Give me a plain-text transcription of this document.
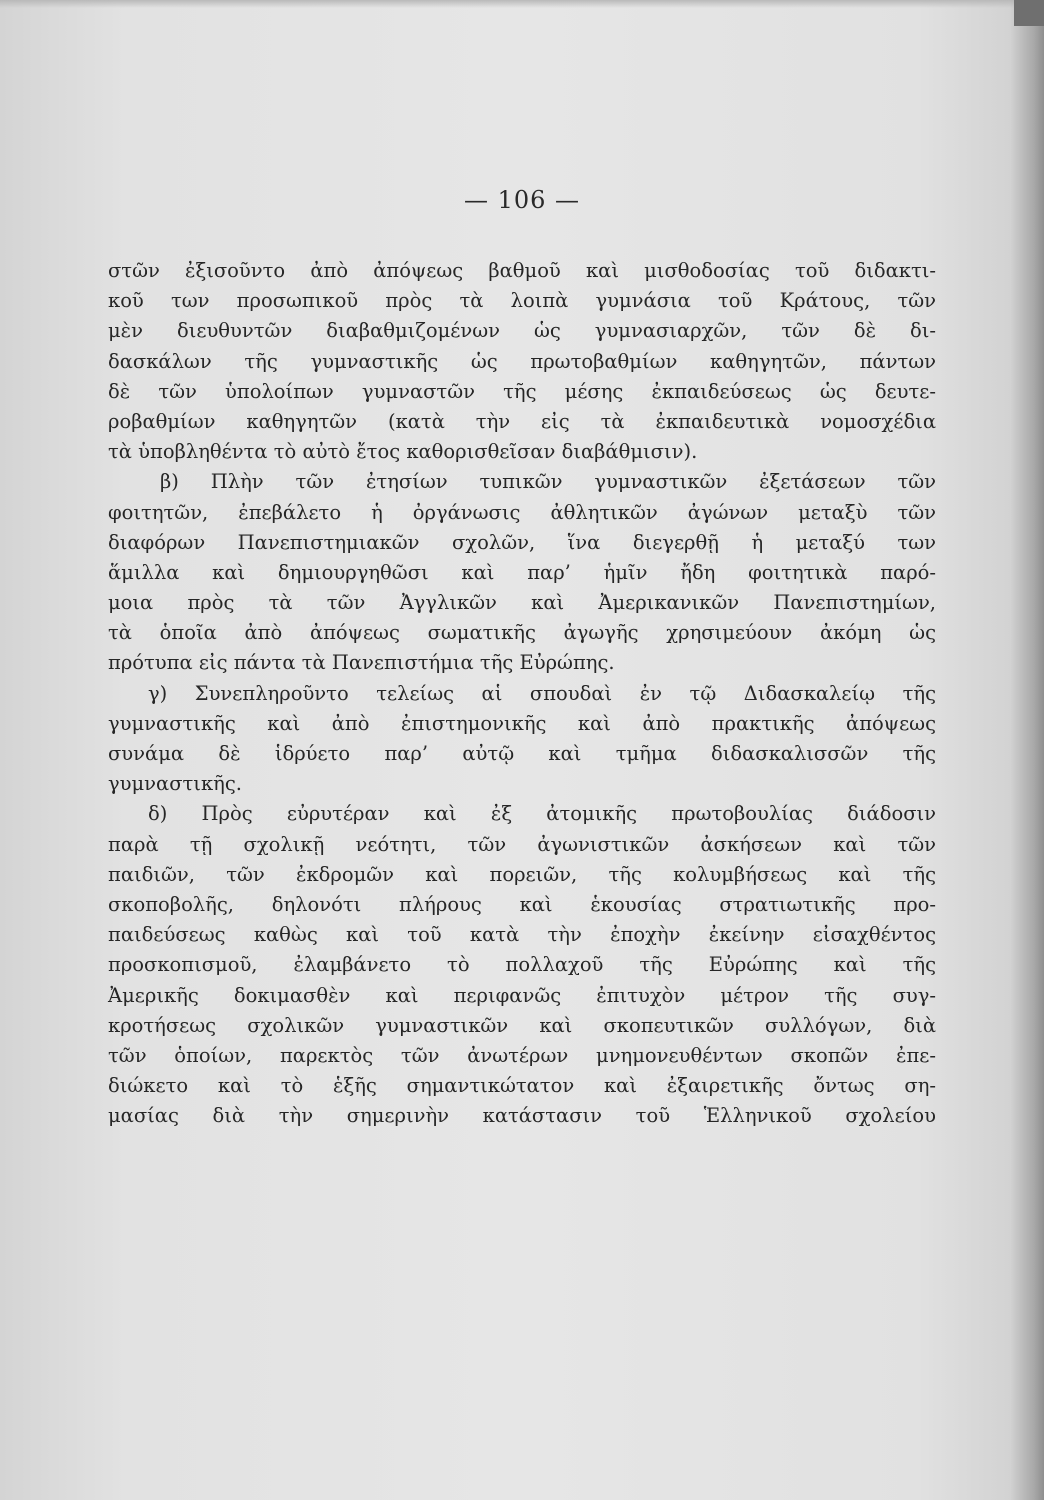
— 106 —
στῶν ἐξισοῦντο ἀπὸ ἀπόψεως βαθμοῦ καὶ μισθοδοσίας τοῦ διδακτι-
κοῦ των προσωπικοῦ πρὸς τὰ λοιπὰ γυμνάσια τοῦ Κράτους, τῶν
μὲν διευθυντῶν διαβαθμιζομένων ὡς γυμνασιαρχῶν, τῶν δὲ δι-
δασκάλων τῆς γυμναστικῆς ὡς πρωτοβαθμίων καθηγητῶν, πάντων
δὲ τῶν ὑπολοίπων γυμναστῶν τῆς μέσης ἐκπαιδεύσεως ὡς δευτε-
ροβαθμίων καθηγητῶν (κατὰ τὴν εἰς τὰ ἐκπαιδευτικὰ νομοσχέδια
τὰ ὑποβληθέντα τὸ αὐτὸ ἔτος καθορισθεῖσαν διαβάθμισιν).
β) Πλὴν τῶν ἐτησίων τυπικῶν γυμναστικῶν ἐξετάσεων τῶν
φοιτητῶν, ἐπεβάλετο ἡ ὀργάνωσις ἀθλητικῶν ἀγώνων μεταξὺ τῶν
διαφόρων Πανεπιστημιακῶν σχολῶν, ἵνα διεγερθῇ ἡ μεταξύ των
ἅμιλλα καὶ δημιουργηθῶσι καὶ παρ’ ἡμῖν ἤδη φοιτητικὰ παρό-
μοια πρὸς τὰ τῶν Ἀγγλικῶν καὶ Ἀμερικανικῶν Πανεπιστημίων,
τὰ ὁποῖα ἀπὸ ἀπόψεως σωματικῆς ἀγωγῆς χρησιμεύουν ἀκόμη ὡς
πρότυπα εἰς πάντα τὰ Πανεπιστήμια τῆς Εὐρώπης.
γ) Συνεπληροῦντο τελείως αἱ σπουδαὶ ἐν τῷ Διδασκαλείῳ τῆς
γυμναστικῆς καὶ ἀπὸ ἐπιστημονικῆς καὶ ἀπὸ πρακτικῆς ἀπόψεως
συνάμα δὲ ἱδρύετο παρ’ αὐτῷ καὶ τμῆμα διδασκαλισσῶν τῆς
γυμναστικῆς.
δ) Πρὸς εὐρυτέραν καὶ ἐξ ἀτομικῆς πρωτοβουλίας διάδοσιν
παρὰ τῇ σχολικῇ νεότητι, τῶν ἀγωνιστικῶν ἀσκήσεων καὶ τῶν
παιδιῶν, τῶν ἐκδρομῶν καὶ πορειῶν, τῆς κολυμβήσεως καὶ τῆς
σκοποβολῆς, δηλονότι πλήρους καὶ ἑκουσίας στρατιωτικῆς προ-
παιδεύσεως καθὼς καὶ τοῦ κατὰ τὴν ἐποχὴν ἐκείνην εἰσαχθέντος
προσκοπισμοῦ, ἐλαμβάνετο τὸ πολλαχοῦ τῆς Εὐρώπης καὶ τῆς
Ἀμερικῆς δοκιμασθὲν καὶ περιφανῶς ἐπιτυχὸν μέτρον τῆς συγ-
κροτήσεως σχολικῶν γυμναστικῶν καὶ σκοπευτικῶν συλλόγων, διὰ
τῶν ὁποίων, παρεκτὸς τῶν ἀνωτέρων μνημονευθέντων σκοπῶν ἐπε-
διώκετο καὶ τὸ ἑξῆς σημαντικώτατον καὶ ἐξαιρετικῆς ὄντως ση-
μασίας διὰ τὴν σημερινὴν κατάστασιν τοῦ Ἑλληνικοῦ σχολείου
